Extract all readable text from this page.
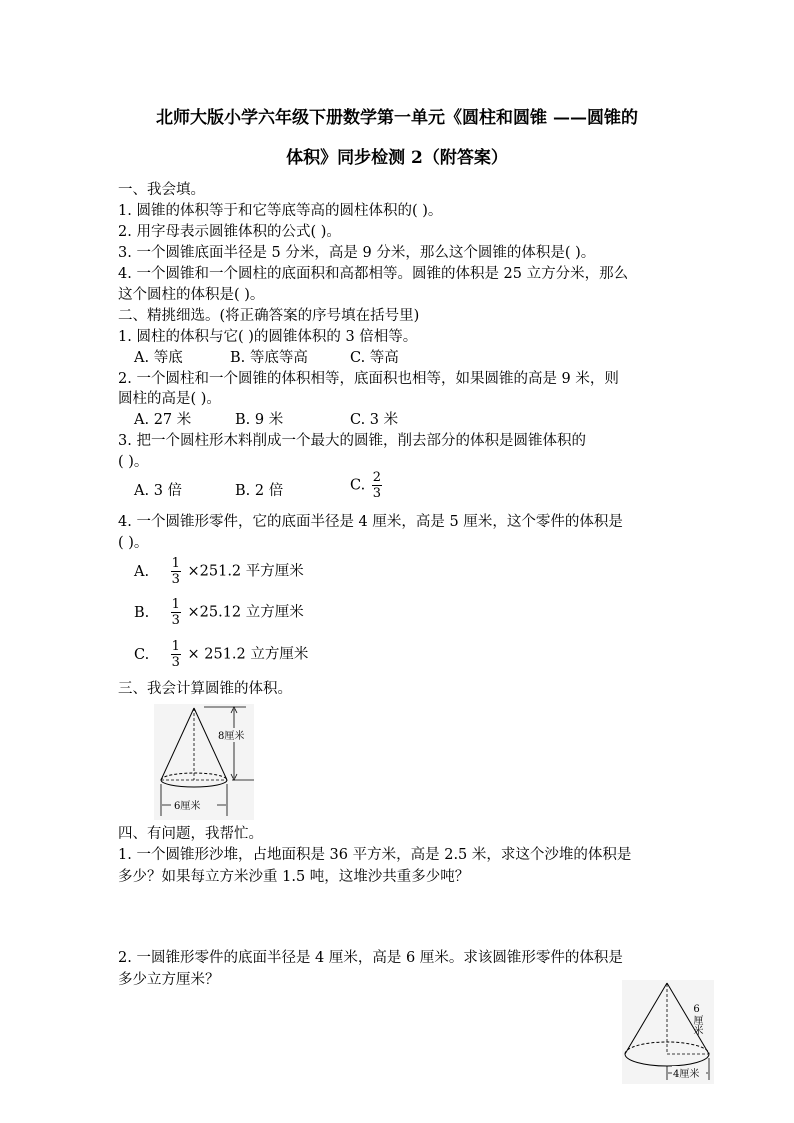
北师大版小学六年级下册数学第一单元《圆柱和圆锥 ——圆锥的
体积》同步检测 2（附答案）
一、我会填。
1. 圆锥的体积等于和它等底等高的圆柱体积的( )。
2. 用字母表示圆锥体积的公式( )。
3. 一个圆锥底面半径是 5 分米，高是 9 分米，那么这个圆锥的体积是( )。
4. 一个圆锥和一个圆柱的底面积和高都相等。圆锥的体积是 25 立方分米，那么
这个圆柱的体积是( )。
二、精挑细选。(将正确答案的序号填在括号里)
1. 圆柱的体积与它( )的圆锥体积的 3 倍相等。
A. 等底	B. 等底等高	C. 等高
2. 一个圆柱和一个圆锥的体积相等，底面积也相等，如果圆锥的高是 9 米，则
圆柱的高是( )。
A. 27 米	B. 9 米	C. 3 米
3. 把一个圆柱形木料削成一个最大的圆锥，削去部分的体积是圆锥体积的
( )。
A. 3 倍	B. 2 倍	C. $\frac{2}{3}$
4. 一个圆锥形零件，它的底面半径是 4 厘米，高是 5 厘米，这个零件的体积是
( )。
A. $\frac{1}{3} \times 251.2$ 平方厘米
B. $\frac{1}{3} \times 25.12$ 立方厘米
C. $\frac{1}{3} \times 251.2$ 立方厘米
三、我会计算圆锥的体积。
8厘米
6厘米
四、有问题，我帮忙。
1. 一个圆锥形沙堆，占地面积是 36 平方米，高是 2.5 米，求这个沙堆的体积是
多少？如果每立方米沙重 1.5 吨，这堆沙共重多少吨？
2. 一圆锥形零件的底面半径是 4 厘米，高是 6 厘米。求该圆锥形零件的体积是
多少立方厘米？
6厘米
4厘米
